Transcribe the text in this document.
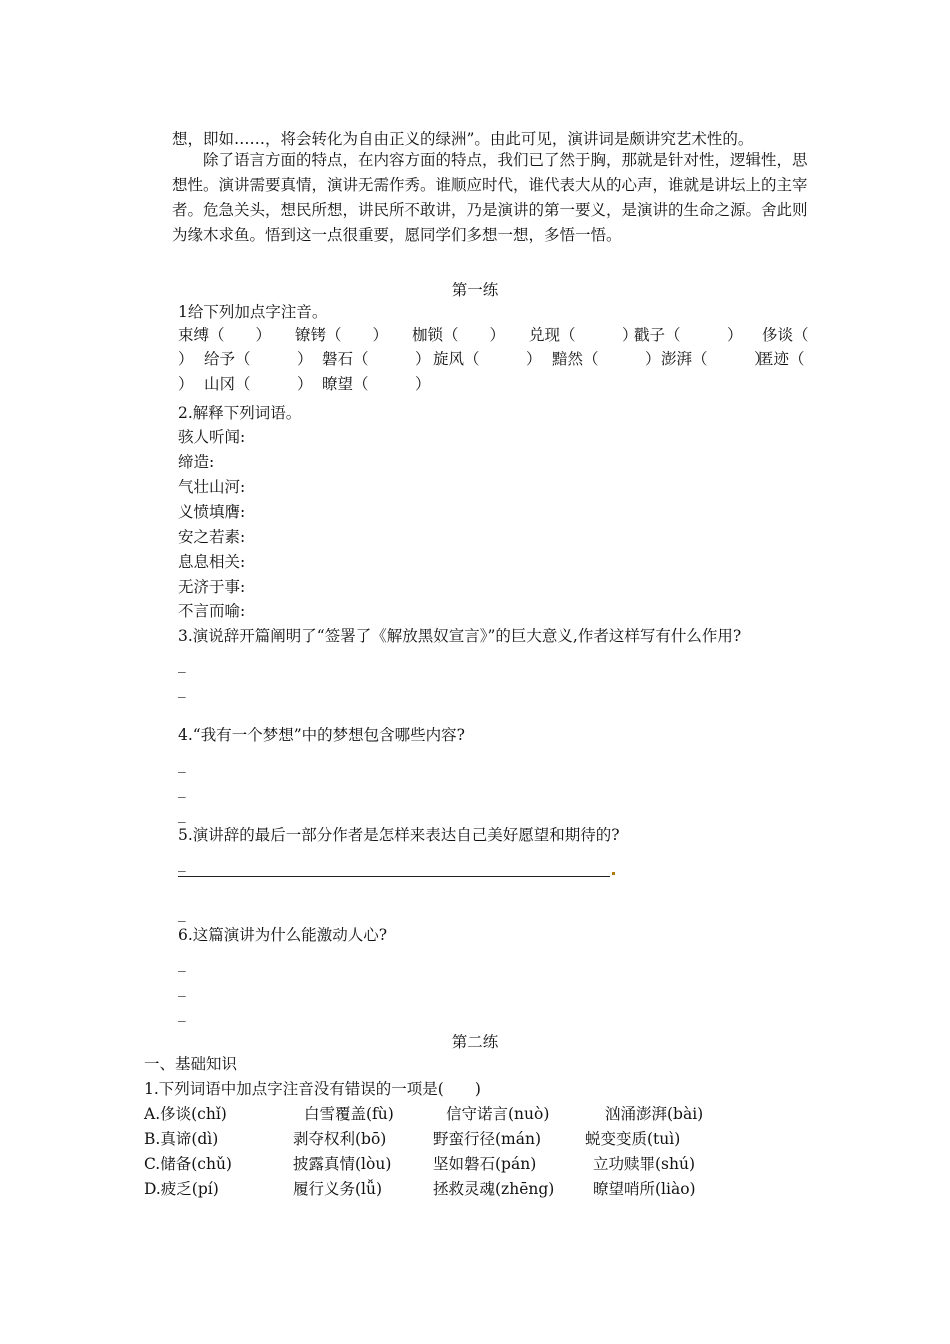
想，即如……，将会转化为自由正义的绿洲”。由此可见，演讲词是颇讲究艺术性的。

除了语言方面的特点，在内容方面的特点，我们已了然于胸，那就是针对性，逻辑性，思想性。演讲需要真情，演讲无需作秀。谁顺应时代，谁代表大从的心声，谁就是讲坛上的主宰者。危急关头，想民所想，讲民所不敢讲，乃是演讲的第一要义，是演讲的生命之源。舍此则为缘木求鱼。悟到这一点很重要，愿同学们多想一想，多悟一悟。

第一练
1给下列加点字注音。
束缚（　　） 镣铐（　　） 枷锁（　　） 兑现（　　　）
戳子（　　　） 侈谈（
） 给予（　　　） 磐石（　　　） 旋风（　　　） 黯然（　　　） 澎湃（　　　）
匿迹（
） 山冈（　　　） 暸望（　　　）
2.解释下列词语。
骇人听闻:
缔造:
气壮山河:
义愤填膺:
安之若素:
息息相关:
无济于事:
不言而喻:
3.演说辞开篇阐明了“签署了《解放黑奴宣言》”的巨大意义,作者这样写有什么作用?
_
_
4.“我有一个梦想”中的梦想包含哪些内容?
_
_
_
5.演讲辞的最后一部分作者是怎样来表达自己美好愿望和期待的?
_
_
6.这篇演讲为什么能激动人心?
_
_
_
第二练
一、基础知识
1.下列词语中加点字注音没有错误的一项是(　　)
A.侈谈(chǐ)	白雪覆盖(fù)	信守诺言(nuò)	汹涌澎湃(bài)
B.真谛(dì)	剥夺权利(bō)	野蛮行径(mán)	蜕变变质(tuì)
C.储备(chǔ)	披露真情(lòu)	坚如磐石(pán)	立功赎罪(shú)
D.疲乏(pí)	履行义务(lǚ)	拯救灵魂(zhēng) 暸望哨所(liào)
